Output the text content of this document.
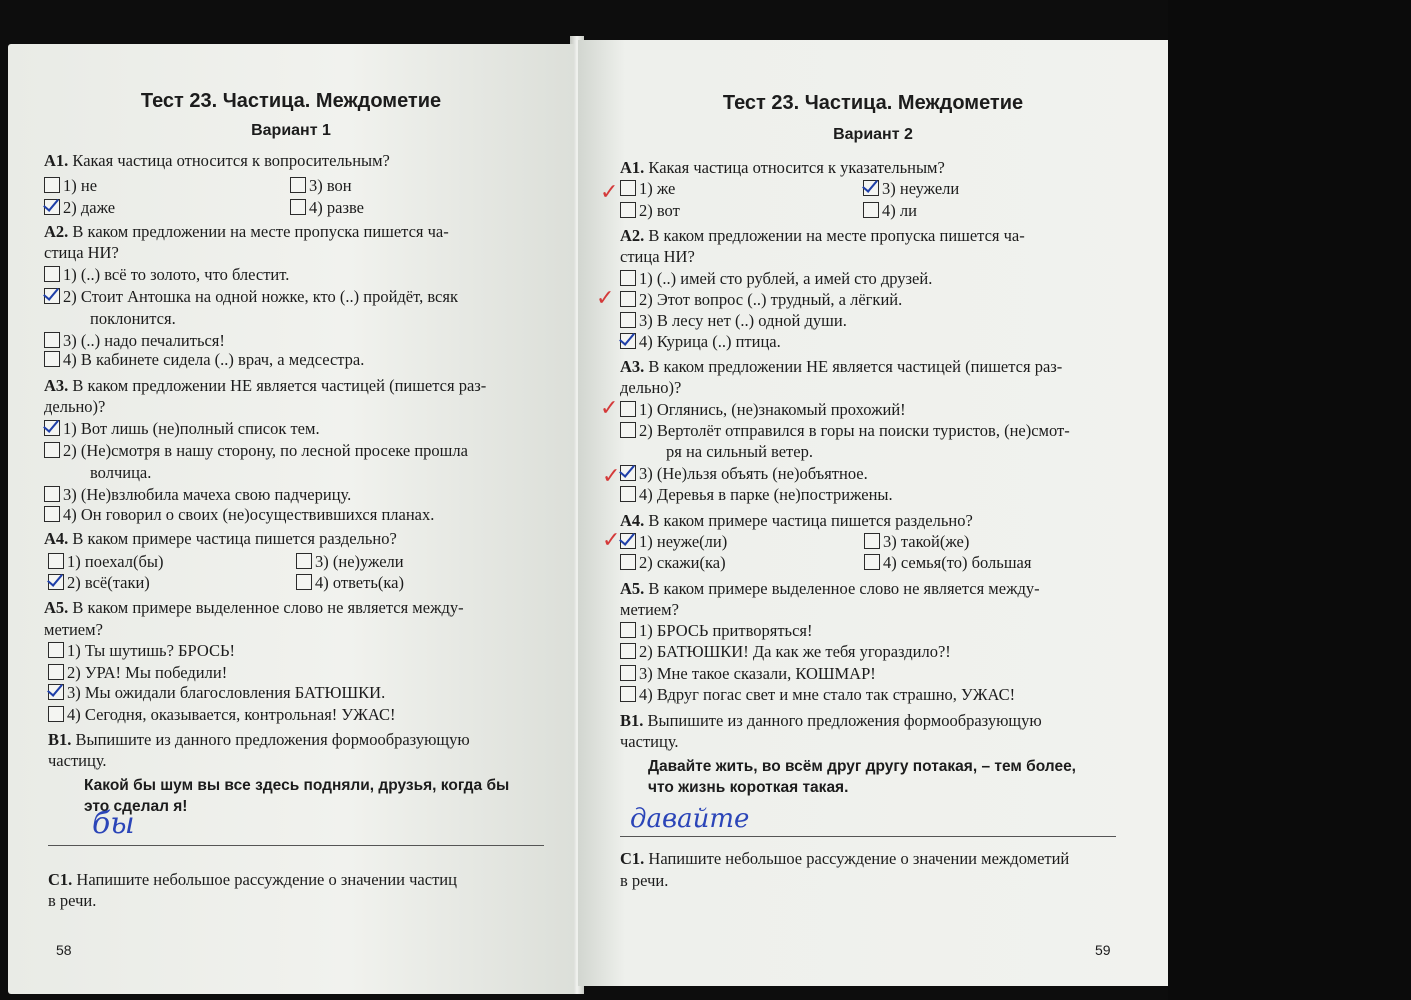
Тест 23. Частица. Междометие
Вариант 1
А1. Какая частица относится к вопросительным?
1) не	3) вон
2) даже	4) разве
А2. В каком предложении на месте пропуска пишется ча-
стица НИ?
1) (..) всё то золото, что блестит.
2) Стоит Антошка на одной ножке, кто (..) пройдёт, всяк
поклонится.
3) (..) надо печалиться!
4) В кабинете сидела (..) врач, а медсестра.
А3. В каком предложении НЕ является частицей (пишется раз-
дельно)?
1) Вот лишь (не)полный список тем.
2) (Не)смотря в нашу сторону, по лесной просеке прошла
волчица.
3) (Не)взлюбила мачеха свою падчерицу.
4) Он говорил о своих (не)осуществившихся планах.
А4. В каком примере частица пишется раздельно?
1) поехал(бы)	3) (не)ужели
2) всё(таки)	4) ответь(ка)
А5. В каком примере выделенное слово не является между-
метием?
1) Ты шутишь? БРОСЬ!
2) УРА! Мы победили!
3) Мы ожидали благословления БАТЮШКИ.
4) Сегодня, оказывается, контрольная! УЖАС!
В1. Выпишите из данного предложения формообразующую
частицу.
Какой бы шум вы все здесь подняли, друзья, когда бы
это сделал я!
бы
С1. Напишите небольшое рассуждение о значении частиц
в речи.
58
Тест 23. Частица. Междометие
Вариант 2
А1. Какая частица относится к указательным?
1) же	3) неужели
2) вот	4) ли
А2. В каком предложении на месте пропуска пишется ча-
стица НИ?
1) (..) имей сто рублей, а имей сто друзей.
2) Этот вопрос (..) трудный, а лёгкий.
3) В лесу нет (..) одной души.
4) Курица (..) птица.
А3. В каком предложении НЕ является частицей (пишется раз-
дельно)?
1) Оглянись, (не)знакомый прохожий!
2) Вертолёт отправился в горы на поиски туристов, (не)смот-
ря на сильный ветер.
3) (Не)льзя объять (не)объятное.
4) Деревья в парке (не)пострижены.
А4. В каком примере частица пишется раздельно?
1) неуже(ли)	3) такой(же)
2) скажи(ка)	4) семья(то) большая
А5. В каком примере выделенное слово не является между-
метием?
1) БРОСЬ притворяться!
2) БАТЮШКИ! Да как же тебя угораздило?!
3) Мне такое сказали, КОШМАР!
4) Вдруг погас свет и мне стало так страшно, УЖАС!
В1. Выпишите из данного предложения формообразующую
частицу.
Давайте жить, во всём друг другу потакая, – тем более,
что жизнь короткая такая.
давайте
С1. Напишите небольшое рассуждение о значении междометий
в речи.
✓
✓
✓
✓
✓
59
